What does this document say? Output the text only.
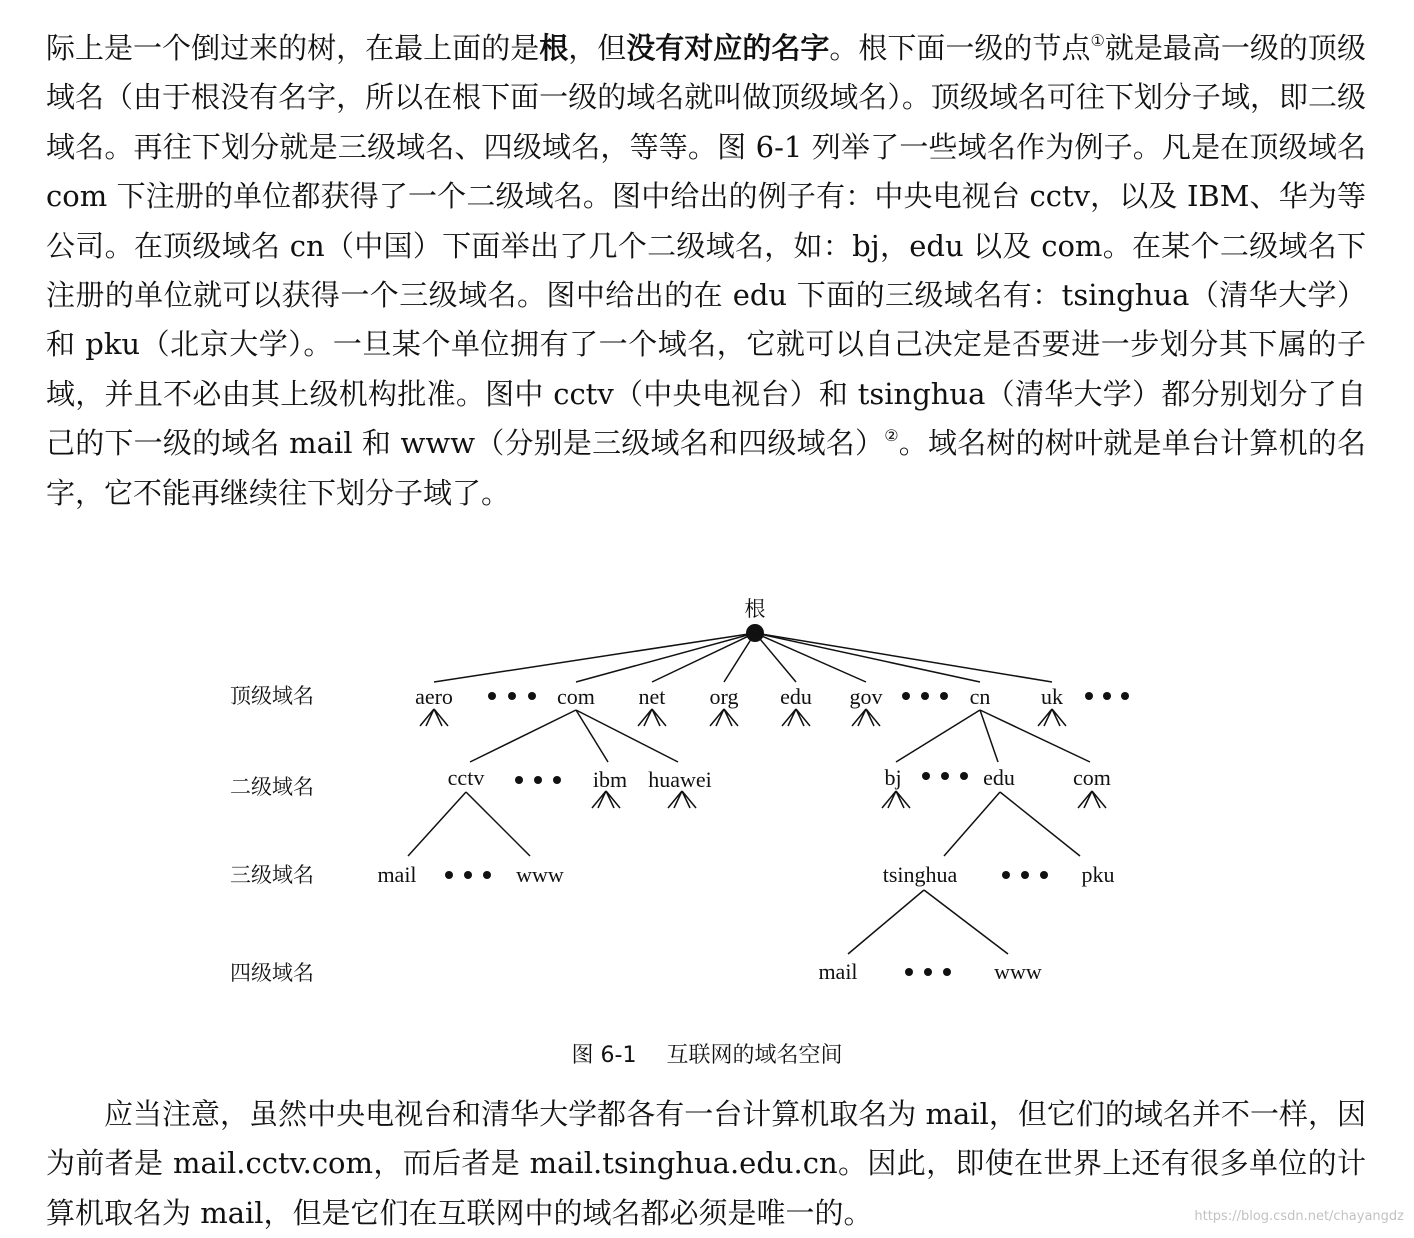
际上是一个倒过来的树，在最上面的是根，但没有对应的名字。根下面一级的节点①就是最高一级的顶级域名（由于根没有名字，所以在根下面一级的域名就叫做顶级域名）。顶级域名可往下划分子域，即二级域名。再往下划分就是三级域名、四级域名，等等。图 6-1 列举了一些域名作为例子。凡是在顶级域名 com 下注册的单位都获得了一个二级域名。图中给出的例子有：中央电视台 cctv，以及 IBM、华为等公司。在顶级域名 cn（中国）下面举出了几个二级域名，如：bj，edu 以及 com。在某个二级域名下注册的单位就可以获得一个三级域名。图中给出的在 edu 下面的三级域名有：tsinghua（清华大学）和 pku（北京大学）。一旦某个单位拥有了一个域名，它就可以自己决定是否要进一步划分其下属的子域，并且不必由其上级机构批准。图中 cctv（中央电视台）和 tsinghua（清华大学）都分别划分了自己的下一级的域名 mail 和 www（分别是三级域名和四级域名）②。域名树的树叶就是单台计算机的名字，它不能再继续往下划分子域了。

顶级域名
二级域名
三级域名
四级域名
根
aero	com net org edu gov	cn uk
cctv	ibm huawei	bj	edu	com
mail	www	tsinghua	pku
mail	www
图 6-1 互联网的域名空间

应当注意，虽然中央电视台和清华大学都各有一台计算机取名为 mail，但它们的域名并不一样，因为前者是 mail.cctv.com，而后者是 mail.tsinghua.edu.cn。因此，即使在世界上还有很多单位的计算机取名为 mail，但是它们在互联网中的域名都必须是唯一的。	https://blog.csdn.net/chayangdz
